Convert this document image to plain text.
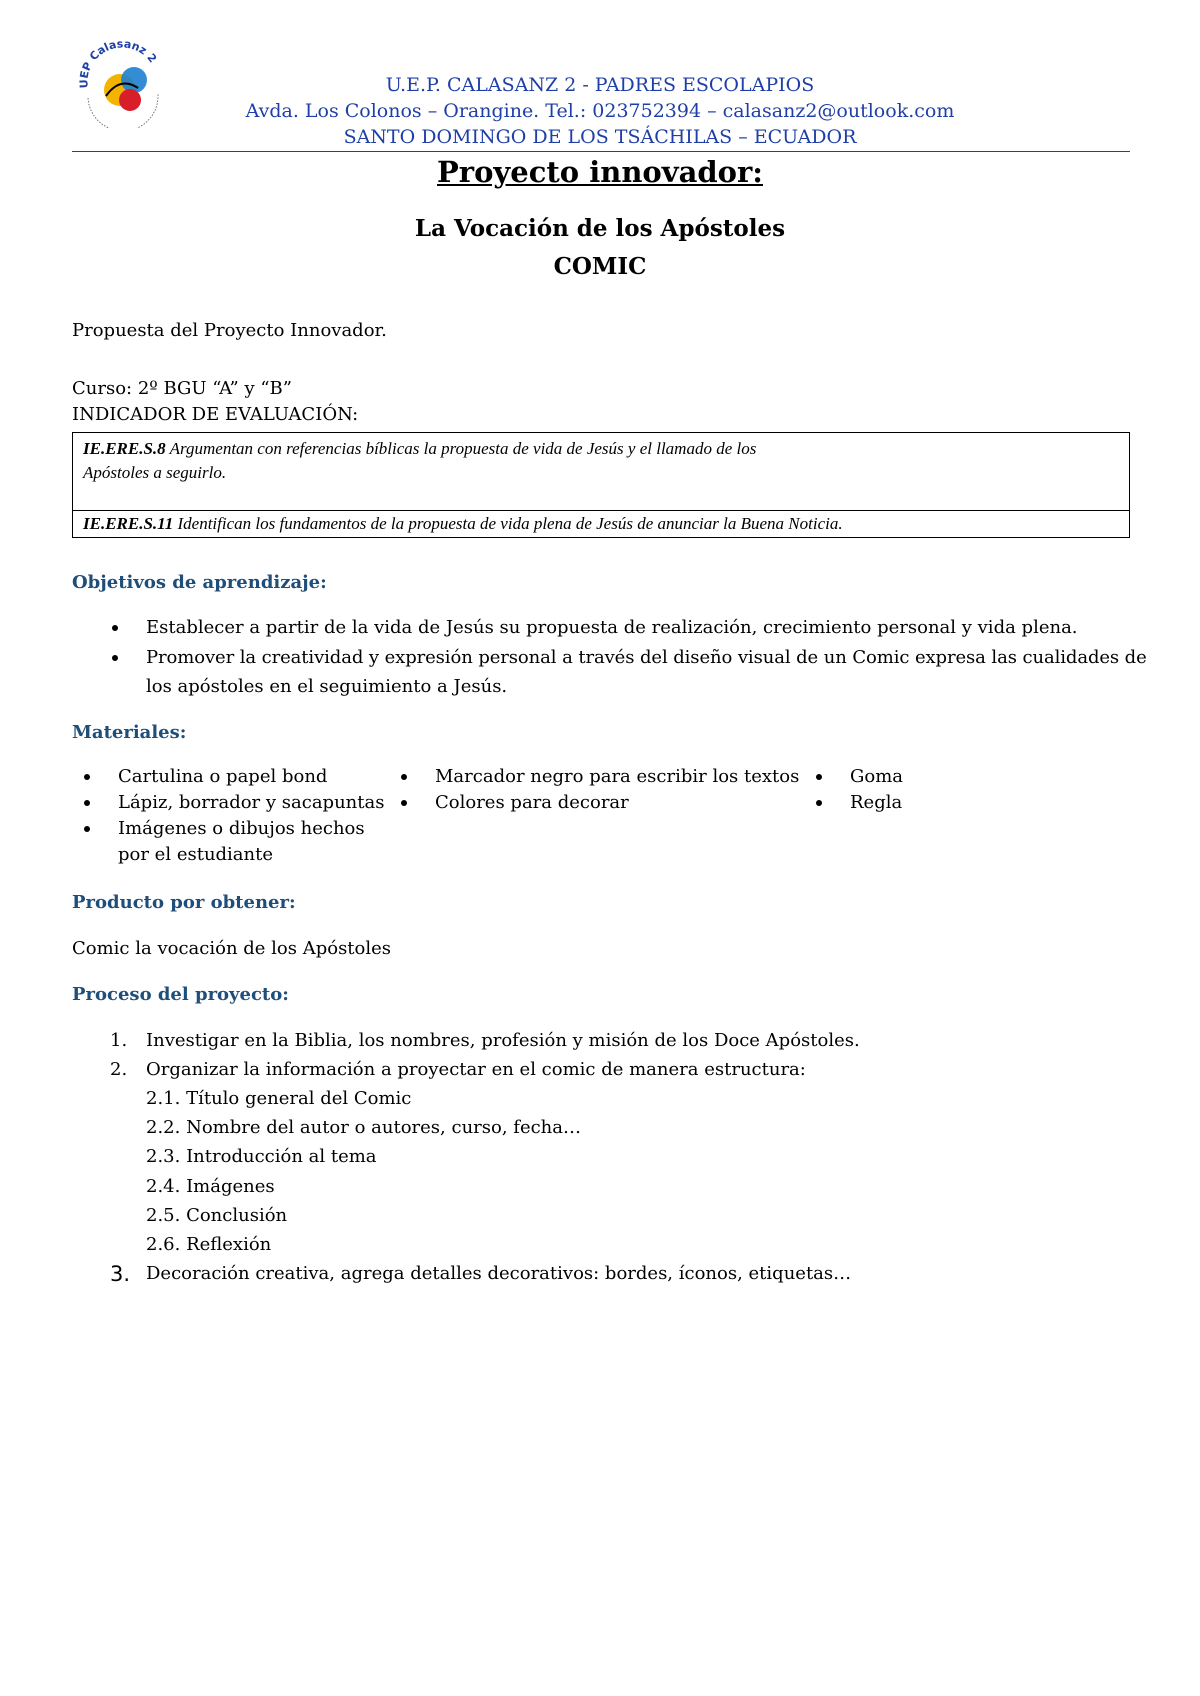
UEP Calasanz 2
U.E.P. CALASANZ 2 - PADRES ESCOLAPIOS
Avda. Los Colonos – Orangine. Tel.: 023752394 – calasanz2@outlook.com
SANTO DOMINGO DE LOS TSÁCHILAS – ECUADOR
Proyecto innovador:
La Vocación de los Apóstoles
COMIC
Propuesta del Proyecto Innovador.
Curso: 2º BGU “A” y “B”
INDICADOR DE EVALUACIÓN:
IE.ERE.S.8 Argumentan con referencias bíblicas la propuesta de vida de Jesús y el llamado de los
Apóstoles a seguirlo.
IE.ERE.S.11 Identifican los fundamentos de la propuesta de vida plena de Jesús de anunciar la Buena Noticia.
Objetivos de aprendizaje:
Establecer a partir de la vida de Jesús su propuesta de realización, crecimiento personal y vida plena.
Promover la creatividad y expresión personal a través del diseño visual de un Comic expresa las cualidades de
los apóstoles en el seguimiento a Jesús.
Materiales:
Cartulina o papel bond
Lápiz, borrador y sacapuntas
Imágenes o dibujos hechos
por el estudiante
Marcador negro para escribir los textos
Colores para decorar
Goma
Regla
Producto por obtener:
Comic la vocación de los Apóstoles
Proceso del proyecto:
1. Investigar en la Biblia, los nombres, profesión y misión de los Doce Apóstoles.
2. Organizar la información a proyectar en el comic de manera estructura:
2.1. Título general del Comic
2.2. Nombre del autor o autores, curso, fecha…
2.3. Introducción al tema
2.4. Imágenes
2.5. Conclusión
2.6. Reflexión
3. Decoración creativa, agrega detalles decorativos: bordes, íconos, etiquetas…
